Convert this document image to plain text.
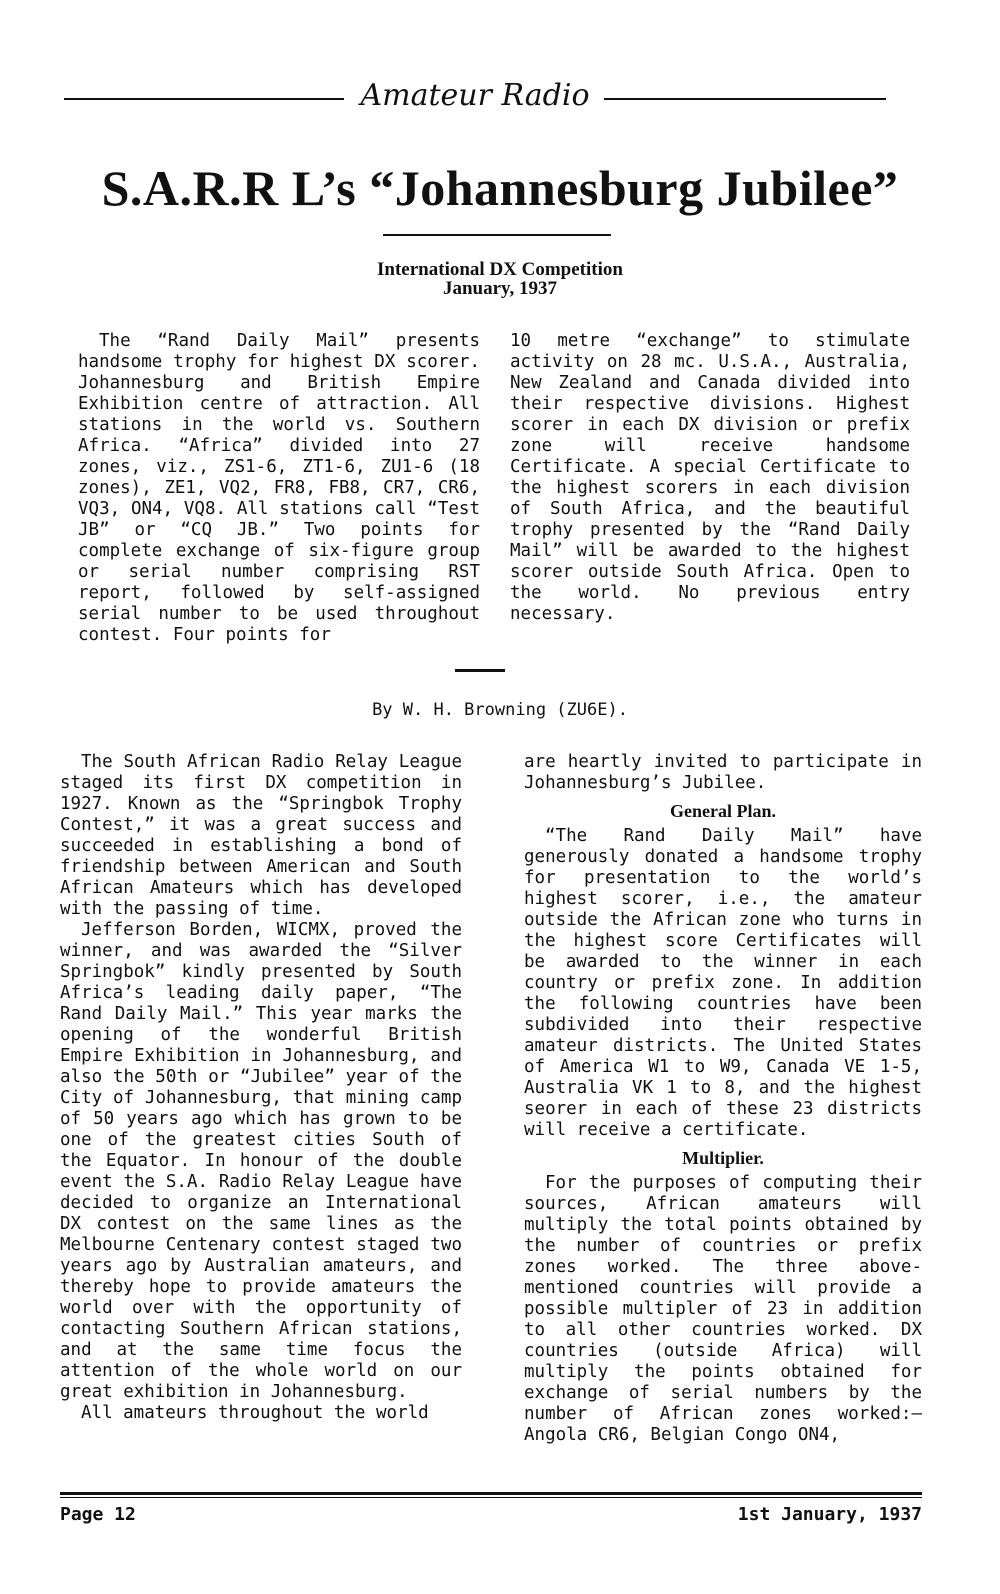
Amateur Radio
S.A.R.R L’s “Johannesburg Jubilee”
International DX Competition
January, 1937

The “Rand Daily Mail” presents handsome trophy for highest DX scorer. Johannesburg and British Empire Exhibition centre of attraction. All stations in the world vs. Southern Africa. “Africa” divided into 27 zones, viz., ZS1-6, ZT1-6, ZU1-6 (18 zones), ZE1, VQ2, FR8, FB8, CR7, CR6, VQ3, ON4, VQ8. All stations call “Test JB” or “CQ JB.” Two points for complete exchange of six-figure group or serial number comprising RST report, followed by self-assigned serial number to be used throughout contest. Four points for

10 metre “exchange” to stimulate activity on 28 mc. U.S.A., Australia, New Zealand and Canada divided into their respective divisions. Highest scorer in each DX division or prefix zone will receive handsome Certificate. A special Certificate to the highest scorers in each division of South Africa, and the beautiful trophy presented by the “Rand Daily Mail” will be awarded to the highest scorer outside South Africa. Open to the world. No previous entry necessary.

By W. H. Browning (ZU6E).

The South African Radio Relay League staged its first DX competition in 1927. Known as the “Springbok Trophy Contest,” it was a great success and succeeded in establishing a bond of friendship between American and South African Amateurs which has developed with the passing of time.

Jefferson Borden, WICMX, proved the winner, and was awarded the “Silver Springbok” kindly presented by South Africa’s leading daily paper, “The Rand Daily Mail.” This year marks the opening of the wonderful British Empire Exhibition in Johannesburg, and also the 50th or “Jubilee” year of the City of Johannesburg, that mining camp of 50 years ago which has grown to be one of the greatest cities South of the Equator. In honour of the double event the S.A. Radio Relay League have decided to organize an International DX contest on the same lines as the Melbourne Centenary contest staged two years ago by Australian amateurs, and thereby hope to provide amateurs the world over with the opportunity of contacting Southern African stations, and at the same time focus the attention of the whole world on our great exhibition in Johannesburg.

All amateurs throughout the world

are heartly invited to participate in Johannesburg’s Jubilee.

General Plan.

“The Rand Daily Mail” have generously donated a handsome trophy for presentation to the world’s highest scorer, i.e., the amateur outside the African zone who turns in the highest score Certificates will be awarded to the winner in each country or prefix zone. In addition the following countries have been subdivided into their respective amateur districts. The United States of America W1 to W9, Canada VE 1-5, Australia VK 1 to 8, and the highest seorer in each of these 23 districts will receive a certificate.

Multiplier.

For the purposes of computing their sources, African amateurs will multiply the total points obtained by the number of countries or prefix zones worked. The three above-mentioned countries will provide a possible multipler of 23 in addition to all other countries worked. DX countries (outside Africa) will multiply the points obtained for exchange of serial numbers by the number of African zones worked:— Angola CR6, Belgian Congo ON4,

Page 12	1st January, 1937
